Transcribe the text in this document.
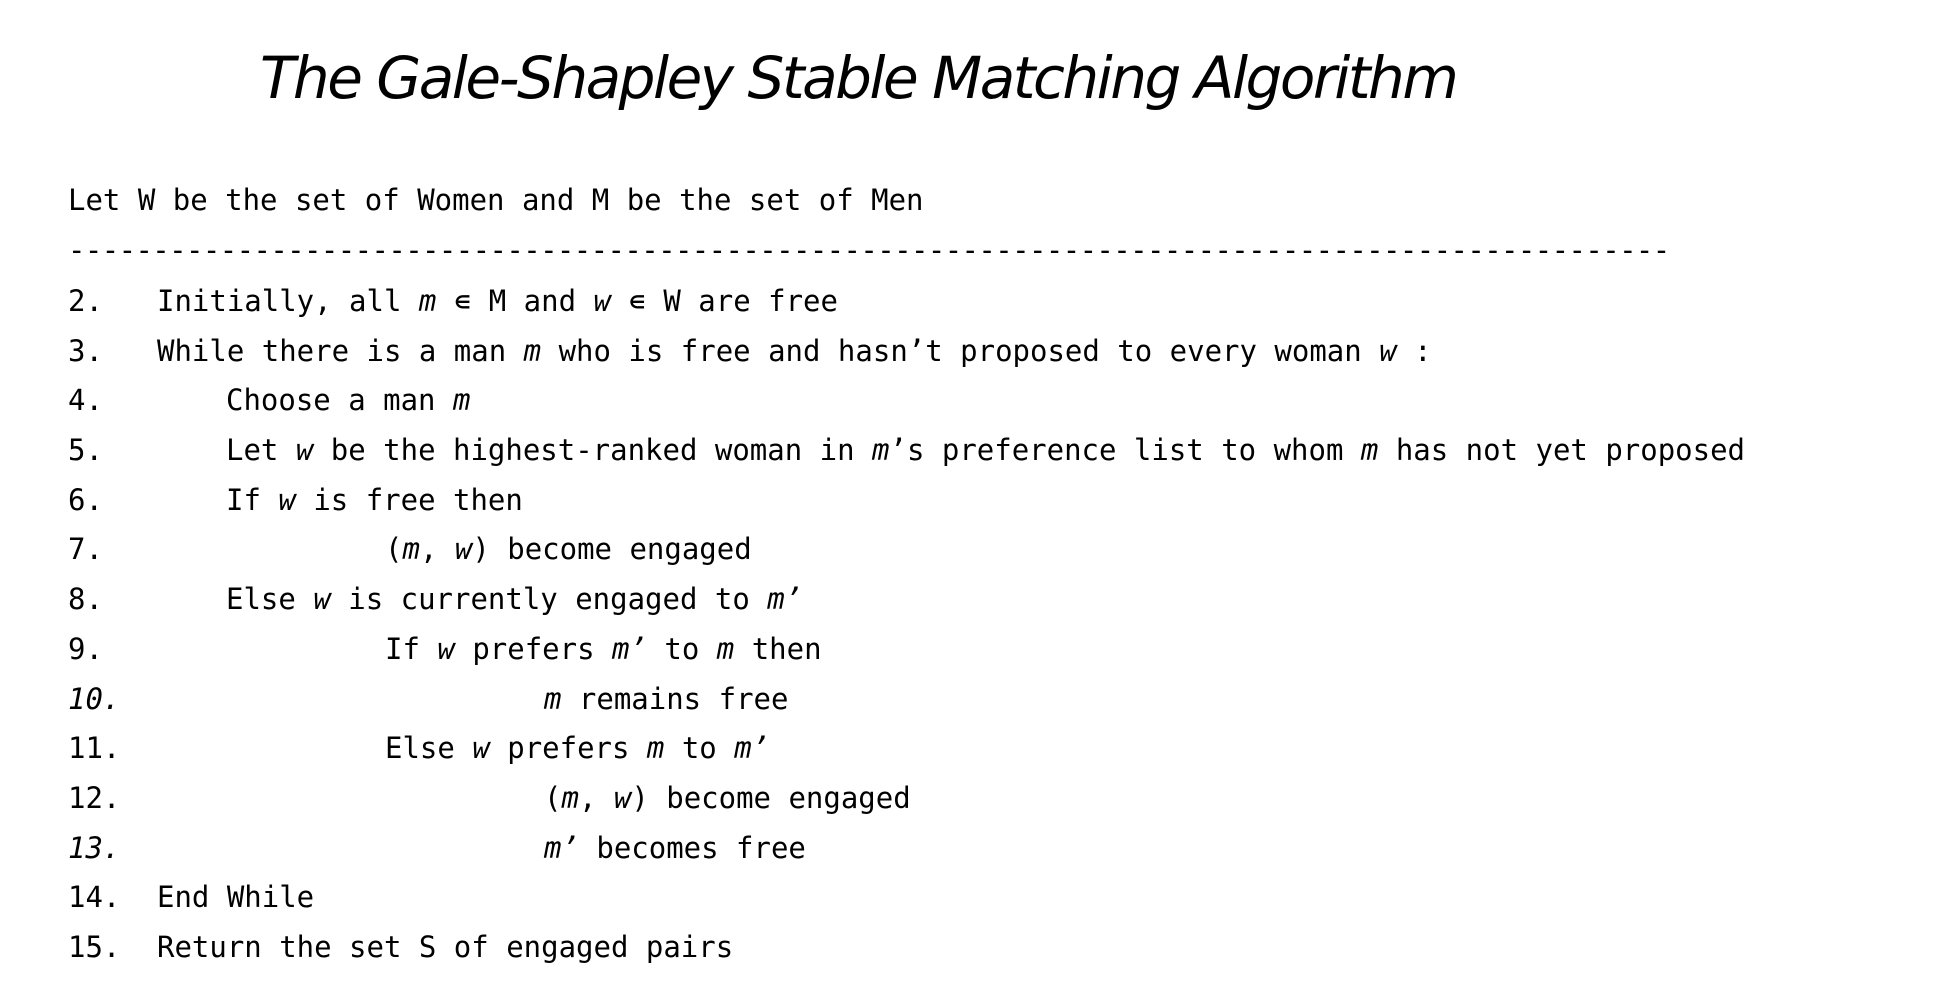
The Gale-Shapley Stable Matching Algorithm
Let W be the set of Women and M be the set of Men
-----------------------------------------------------------------------------------------------
2. Initially, all m ∊ M and w ∊ W are free
3. While there is a man m who is free and hasn’t proposed to every woman w :
4.	Choose a man m
5.	Let w be the highest-ranked woman in m’s preference list to whom m has not yet proposed
6.	If w is free then
7.	(m, w) become engaged
8.	Else w is currently engaged to m’
9.	If w prefers m’ to m then
10.	m remains free
11.	Else w prefers m to m’
12.	(m, w) become engaged
13.	m’ becomes free
14. End While
15. Return the set S of engaged pairs
